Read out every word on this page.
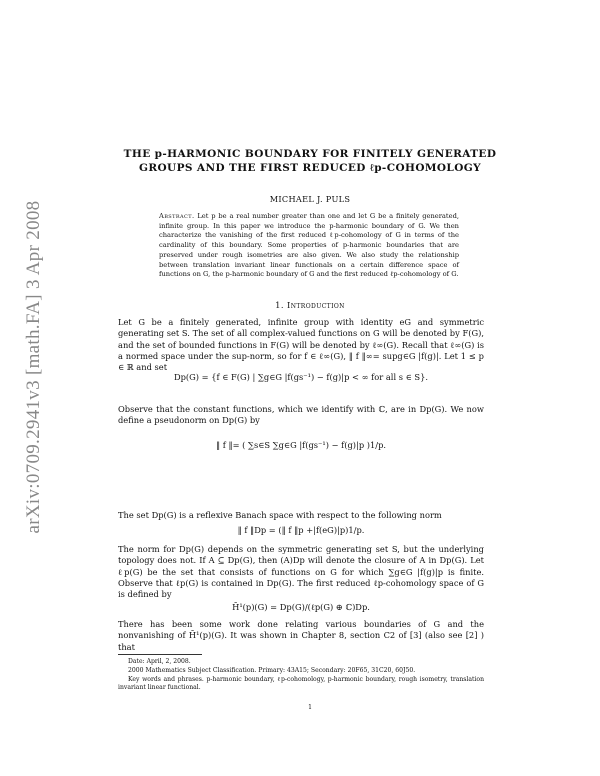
arXiv:0709.2941v3 [math.FA] 3 Apr 2008
THE p-HARMONIC BOUNDARY FOR FINITELY GENERATED
GROUPS AND THE FIRST REDUCED ℓp-COHOMOLOGY
MICHAEL J. PULS

Abstract. Let p be a real number greater than one and let G be a finitely generated, infinite group. In this paper we introduce the p-harmonic boundary of G. We then characterize the vanishing of the first reduced ℓp-cohomology of G in terms of the cardinality of this boundary. Some properties of p-harmonic boundaries that are preserved under rough isometries are also given. We also study the relationship between translation invariant linear functionals on a certain difference space of functions on G, the p-harmonic boundary of G and the first reduced ℓp-cohomology of G.

1. Introduction

Let G be a finitely generated, infinite group with identity eG and symmetric generating set S. The set of all complex-valued functions on G will be denoted by F(G), and the set of bounded functions in F(G) will be denoted by ℓ∞(G). Recall that ℓ∞(G) is a normed space under the sup-norm, so for f ∈ ℓ∞(G), ‖ f ‖∞= supg∈G |f(g)|. Let 1 ≤ p ∈ ℝ and set

Dp(G) = {f ∈ F(G) | ∑g∈G |f(gs⁻¹) − f(g)|p < ∞ for all s ∈ S}.

Observe that the constant functions, which we identify with ℂ, are in Dp(G). We now define a pseudonorm on Dp(G) by

‖ f ‖= ( ∑s∈S ∑g∈G |f(gs⁻¹) − f(g)|p )1/p.

The set Dp(G) is a reflexive Banach space with respect to the following norm

‖ f ‖Dp = (‖ f ‖p +|f(eG)|p)1/p.

The norm for Dp(G) depends on the symmetric generating set S, but the underlying topology does not. If A ⊆ Dp(G), then (A)Dp will denote the closure of A in Dp(G). Let ℓp(G) be the set that consists of functions on G for which ∑g∈G |f(g)|p is finite. Observe that ℓp(G) is contained in Dp(G). The first reduced ℓp-cohomology space of G is defined by

H̄¹(p)(G) = Dp(G)/(ℓp(G) ⊕ ℂ)Dp.

There has been some work done relating various boundaries of G and the nonvanishing of H̄¹(p)(G). It was shown in Chapter 8, section C2 of [3] (also see [2] ) that

Date: April, 2, 2008.

2000 Mathematics Subject Classification. Primary: 43A15; Secondary: 20F65, 31C20, 60J50.

Key words and phrases. p-harmonic boundary, ℓp-cohomology, p-harmonic boundary, rough isometry, translation invariant linear functional.

1
